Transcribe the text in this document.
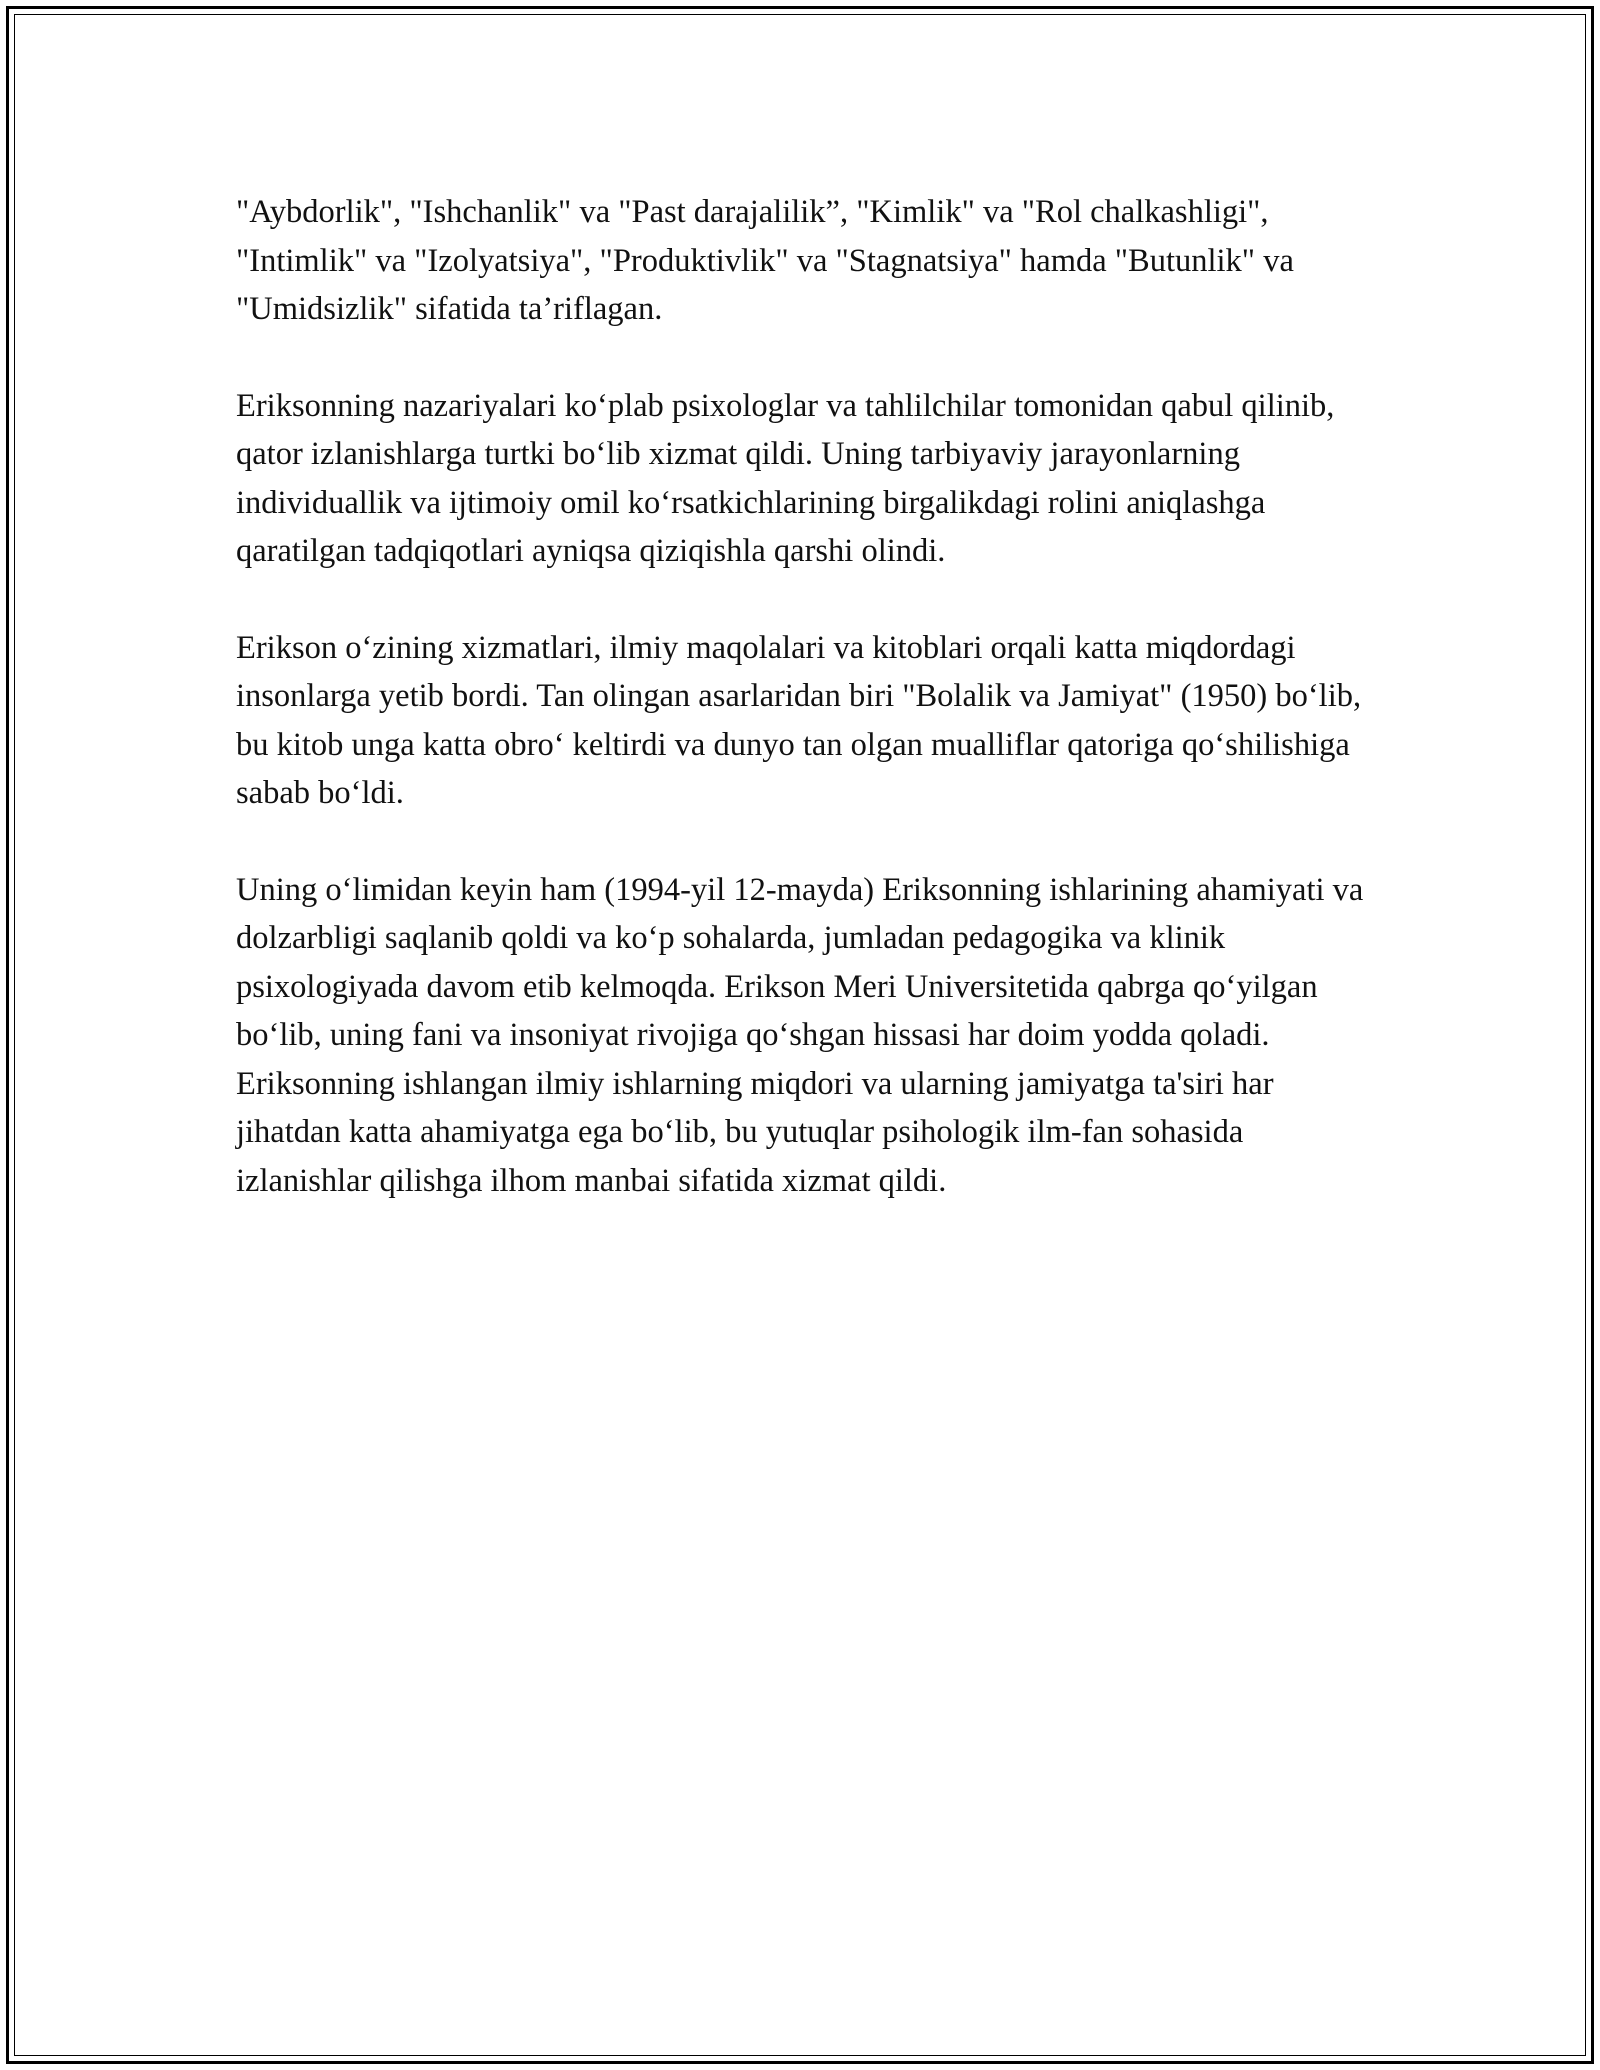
"Aybdorlik", "Ishchanlik" va "Past darajalilik”, "Kimlik" va "Rol chalkashligi", "Intimlik" va "Izolyatsiya", "Produktivlik" va "Stagnatsiya" hamda "Butunlik" va "Umidsizlik" sifatida ta’riflagan.

Eriksonning nazariyalari ko‘plab psixologlar va tahlilchilar tomonidan qabul qilinib, qator izlanishlarga turtki bo‘lib xizmat qildi. Uning tarbiyaviy jarayonlarning individuallik va ijtimoiy omil ko‘rsatkichlarining birgalikdagi rolini aniqlashga qaratilgan tadqiqotlari ayniqsa qiziqishla qarshi olindi.

Erikson o‘zining xizmatlari, ilmiy maqolalari va kitoblari orqali katta miqdordagi insonlarga yetib bordi. Tan olingan asarlaridan biri "Bolalik va Jamiyat" (1950) bo‘lib, bu kitob unga katta obro‘ keltirdi va dunyo tan olgan mualliflar qatoriga qo‘shilishiga sabab bo‘ldi.

Uning o‘limidan keyin ham (1994-yil 12-mayda) Eriksonning ishlarining ahamiyati va dolzarbligi saqlanib qoldi va ko‘p sohalarda, jumladan pedagogika va klinik psixologiyada davom etib kelmoqda. Erikson Meri Universitetida qabrga qo‘yilgan bo‘lib, uning fani va insoniyat rivojiga qo‘shgan hissasi har doim yodda qoladi. Eriksonning ishlangan ilmiy ishlarning miqdori va ularning jamiyatga ta'siri har jihatdan katta ahamiyatga ega bo‘lib, bu yutuqlar psihologik ilm-fan sohasida izlanishlar qilishga ilhom manbai sifatida xizmat qildi.
